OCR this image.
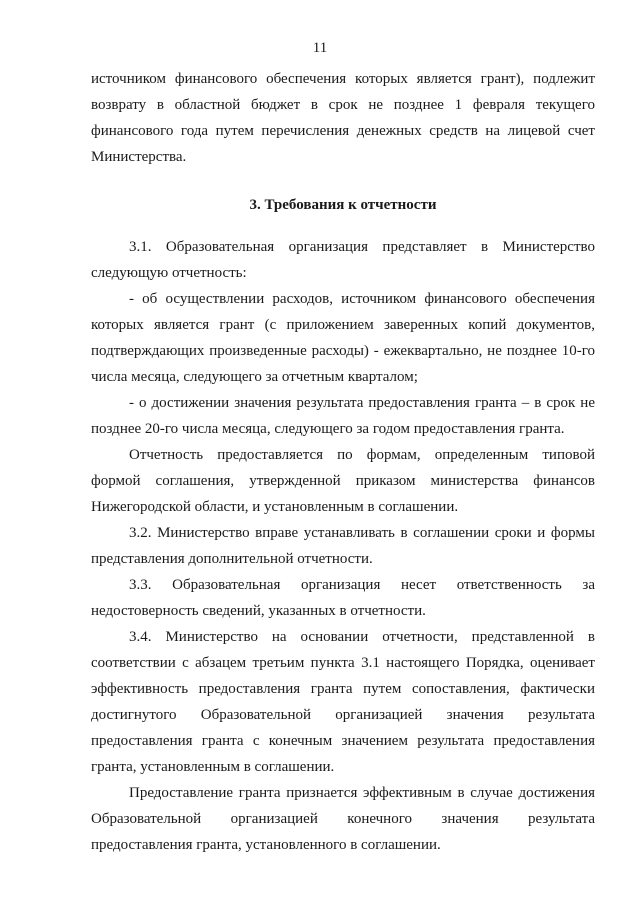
11

источником финансового обеспечения которых является грант), подлежит возврату в областной бюджет в срок не позднее 1 февраля текущего финансового года путем перечисления денежных средств на лицевой счет Министерства.

3. Требования к отчетности

3.1. Образовательная организация представляет в Министерство следующую отчетность:

- об осуществлении расходов, источником финансового обеспечения которых является грант (с приложением заверенных копий документов, подтверждающих произведенные расходы) - ежеквартально, не позднее 10-го числа месяца, следующего за отчетным кварталом;

- о достижении значения результата предоставления гранта – в срок не позднее 20-го числа месяца, следующего за годом предоставления гранта.

Отчетность предоставляется по формам, определенным типовой формой соглашения, утвержденной приказом министерства финансов Нижегородской области, и установленным в соглашении.

3.2. Министерство вправе устанавливать в соглашении сроки и формы представления дополнительной отчетности.

3.3. Образовательная организация несет ответственность за недостоверность сведений, указанных в отчетности.

3.4. Министерство на основании отчетности, представленной в соответствии с абзацем третьим пункта 3.1 настоящего Порядка, оценивает эффективность предоставления гранта путем сопоставления, фактически достигнутого Образовательной организацией значения результата предоставления гранта с конечным значением результата предоставления гранта, установленным в соглашении.

Предоставление гранта признается эффективным в случае достижения Образовательной организацией конечного значения результата предоставления гранта, установленного в соглашении.
